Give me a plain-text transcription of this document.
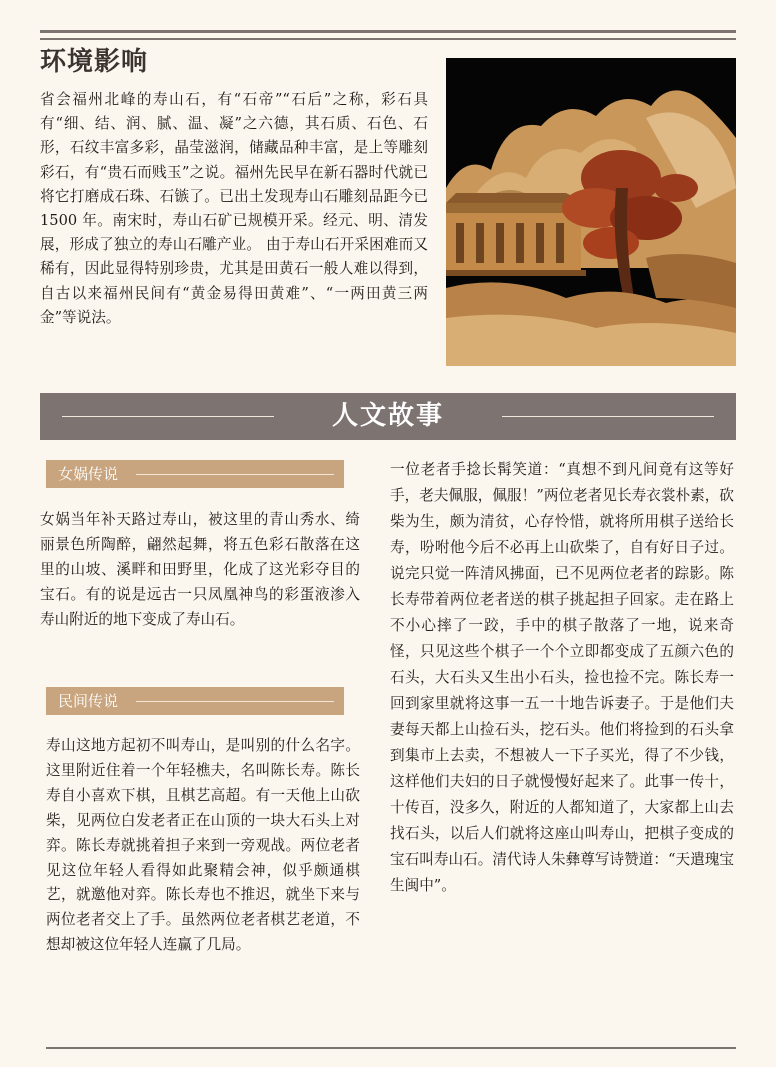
环境影响

省会福州北峰的寿山石，有“石帝”“石后”之称，彩石具有“细、结、润、腻、温、凝”之六德，其石质、石色、石形，石纹丰富多彩，晶莹滋润，储藏品种丰富，是上等雕刻彩石，有“贵石而贱玉”之说。福州先民早在新石器时代就已将它打磨成石珠、石镞了。已出土发现寿山石雕刻品距今已 1500 年。南宋时，寿山石矿已规模开采。经元、明、清发展，形成了独立的寿山石雕产业。 由于寿山石开采困难而又稀有，因此显得特别珍贵，尤其是田黄石一般人难以得到，自古以来福州民间有“黄金易得田黄难”、“一两田黄三两金”等说法。

人文故事
女娲传说

女娲当年补天路过寿山，被这里的青山秀水、绮丽景色所陶醉，翩然起舞，将五色彩石散落在这里的山坡、溪畔和田野里，化成了这光彩夺目的宝石。有的说是远古一只凤凰神鸟的彩蛋液渗入寿山附近的地下变成了寿山石。

民间传说

寿山这地方起初不叫寿山，是叫别的什么名字。这里附近住着一个年轻樵夫，名叫陈长寿。陈长寿自小喜欢下棋，且棋艺高超。有一天他上山砍柴，见两位白发老者正在山顶的一块大石头上对弈。陈长寿就挑着担子来到一旁观战。两位老者见这位年轻人看得如此聚精会神，似乎颇通棋艺，就邀他对弈。陈长寿也不推迟，就坐下来与两位老者交上了手。虽然两位老者棋艺老道，不想却被这位年轻人连赢了几局。

一位老者手捻长髯笑道：“真想不到凡间竟有这等好手，老夫佩服，佩服！”两位老者见长寿衣裳朴素，砍柴为生，颇为清贫，心存怜惜，就将所用棋子送给长寿，吩咐他今后不必再上山砍柴了，自有好日子过。说完只觉一阵清风拂面，已不见两位老者的踪影。陈长寿带着两位老者送的棋子挑起担子回家。走在路上不小心摔了一跤，手中的棋子散落了一地，说来奇怪，只见这些个棋子一个个立即都变成了五颜六色的石头，大石头又生出小石头，捡也捡不完。陈长寿一回到家里就将这事一五一十地告诉妻子。于是他们夫妻每天都上山捡石头，挖石头。他们将捡到的石头拿到集市上去卖，不想被人一下子买光，得了不少钱，这样他们夫妇的日子就慢慢好起来了。此事一传十，十传百，没多久，附近的人都知道了，大家都上山去找石头，以后人们就将这座山叫寿山，把棋子变成的宝石叫寿山石。清代诗人朱彝尊写诗赞道：“天遣瑰宝生闽中”。
